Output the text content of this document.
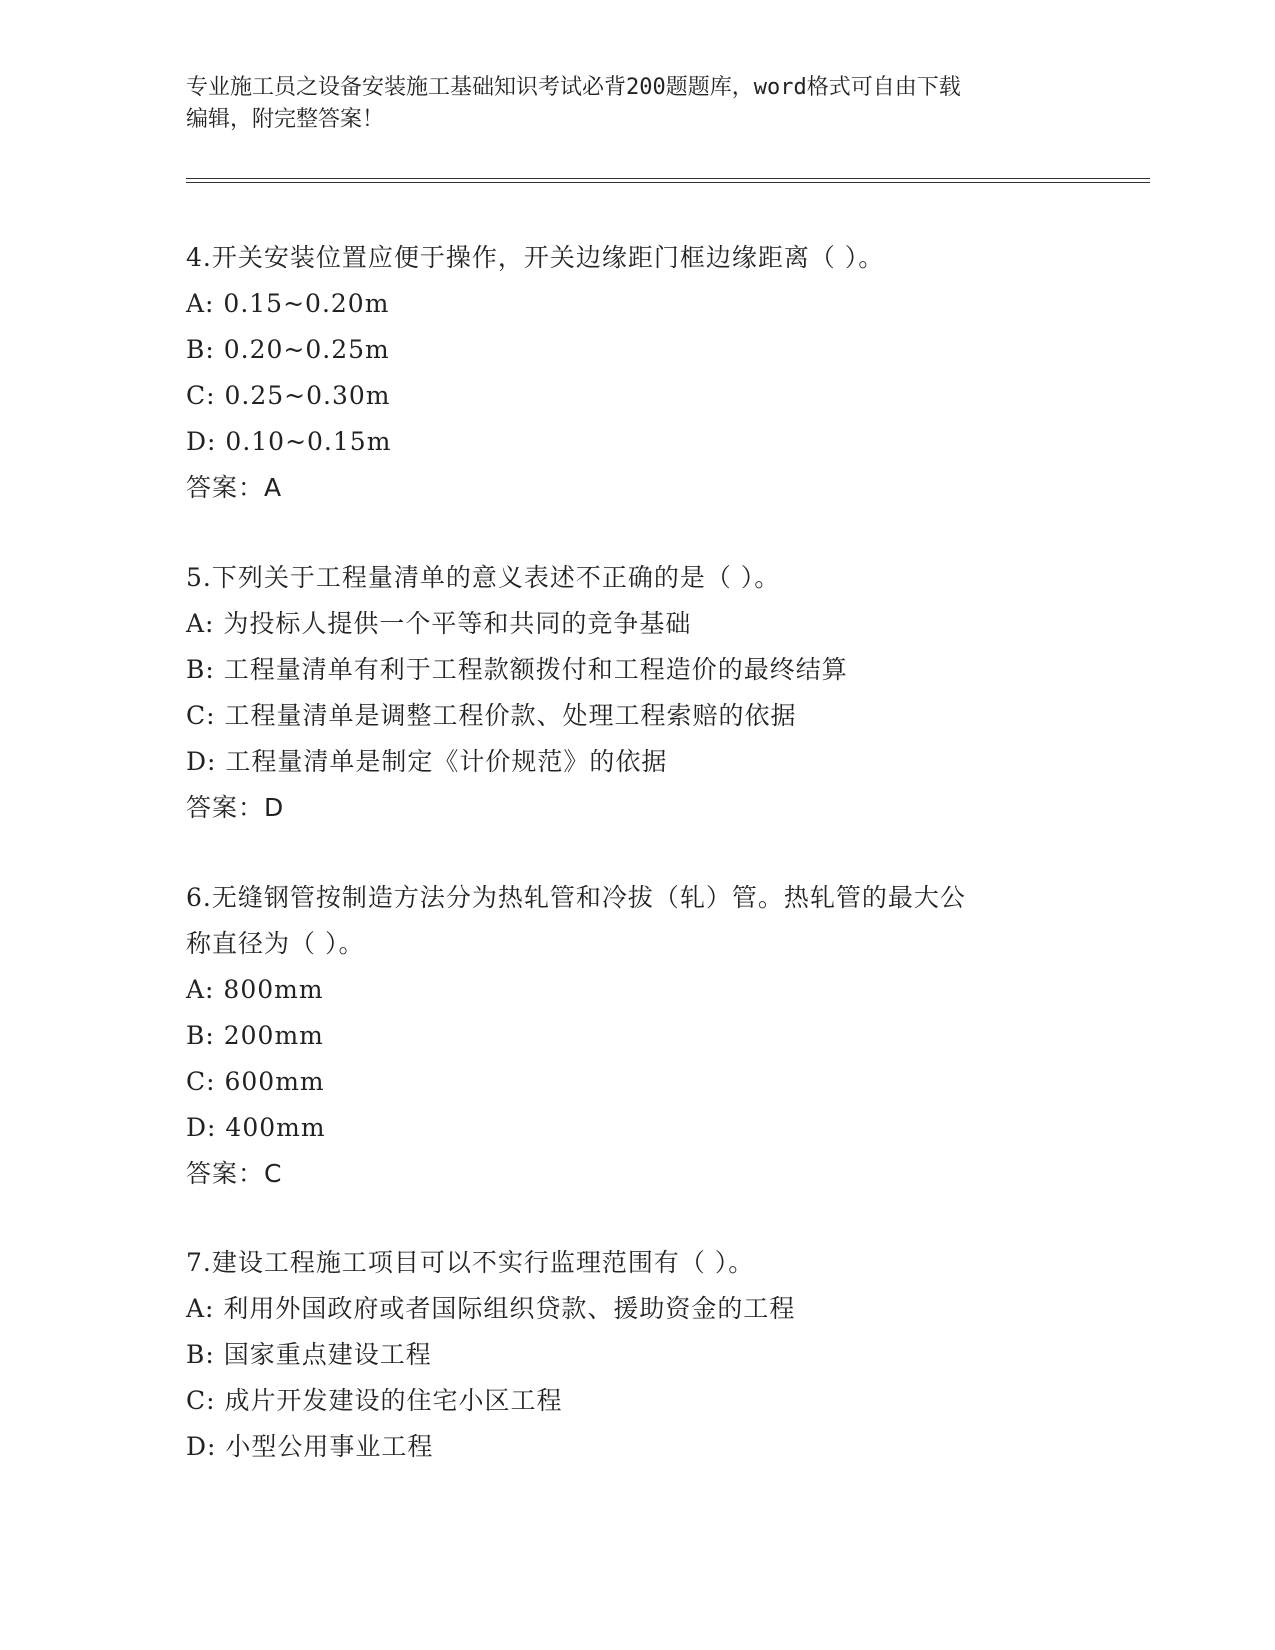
专业施工员之设备安装施工基础知识考试必背200题题库，word格式可自由下载
编辑，附完整答案！
4.开关安装位置应便于操作，开关边缘距门框边缘距离（ ）。
A: 0.15~0.20m
B: 0.20~0.25m
C: 0.25~0.30m
D: 0.10~0.15m
答案：A
5.下列关于工程量清单的意义表述不正确的是（ ）。
A: 为投标人提供一个平等和共同的竞争基础
B: 工程量清单有利于工程款额拨付和工程造价的最终结算
C: 工程量清单是调整工程价款、处理工程索赔的依据
D: 工程量清单是制定《计价规范》的依据
答案：D
6.无缝钢管按制造方法分为热轧管和冷拔（轧）管。热轧管的最大公
称直径为（ ）。
A: 800mm
B: 200mm
C: 600mm
D: 400mm
答案：C
7.建设工程施工项目可以不实行监理范围有（ ）。
A: 利用外国政府或者国际组织贷款、援助资金的工程
B: 国家重点建设工程
C: 成片开发建设的住宅小区工程
D: 小型公用事业工程
